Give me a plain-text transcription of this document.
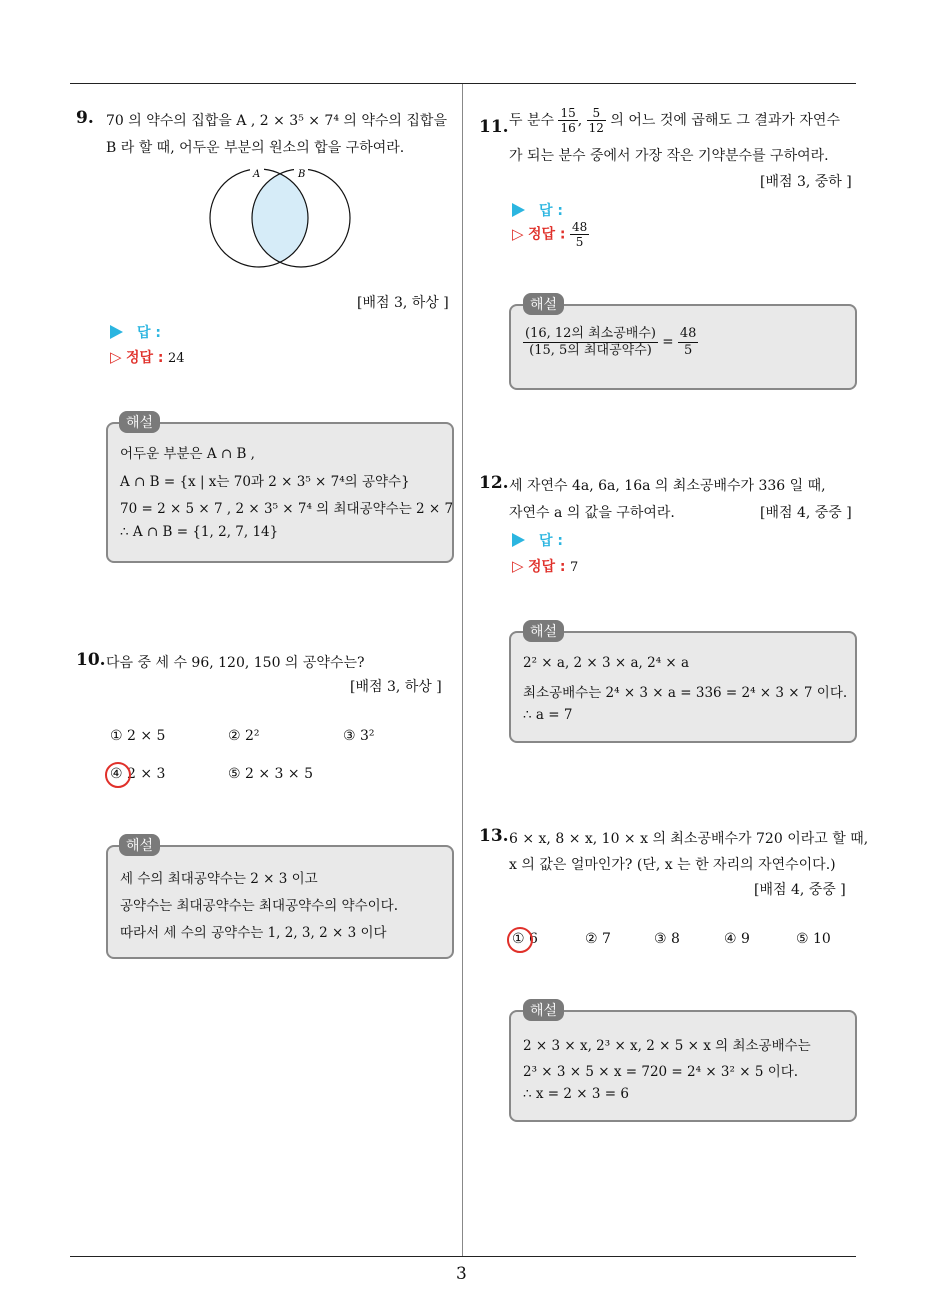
3
9. 70 의 약수의 집합을 A , 2 × 3⁵ × 7⁴ 의 약수의 집합을
B 라 할 때, 어두운 부분의 원소의 합을 구하여라.
A	B
[배점 3, 하상 ]
답 :
▷ 정답 : 24
어두운 부분은 A ∩ B ,
A ∩ B = {x | x는 70과 2 × 3⁵ × 7⁴의 공약수}
70 = 2 × 5 × 7 , 2 × 3⁵ × 7⁴ 의 최대공약수는 2 × 7
∴ A ∩ B = {1, 2, 7, 14}
해설
10. 다음 중 세 수 96, 120, 150 의 공약수는?
[배점 3, 하상 ]
① 2 × 5	② 2²	③ 3²
④ 2 × 3	⑤ 2 × 3 × 5
세 수의 최대공약수는 2 × 3 이고
공약수는 최대공약수는 최대공약수의 약수이다.
따라서 세 수의 공약수는 1, 2, 3, 2 × 3 이다
해설
11. 두 분수 $\frac{15}{16}$ , $\frac{5}{12}$ 의 어느 것에 곱해도 그 결과가 자연수
가 되는 분수 중에서 가장 작은 기약분수를 구하여라.
[배점 3, 중하 ]
답 :
▷ 정답 : $\frac{48}{5}$
$\frac{\text{(16, 12의 최소공배수)}}{\text{(15, 5의 최대공약수)}} = \frac{48}{5}$
해설
12. 세 자연수 4a, 6a, 16a 의 최소공배수가 336 일 때,
자연수 a 의 값을 구하여라.	[배점 4, 중중 ]
답 :
▷ 정답 : 7
2² × a, 2 × 3 × a, 2⁴ × a
최소공배수는 2⁴ × 3 × a = 336 = 2⁴ × 3 × 7 이다.
∴ a = 7
해설
13. 6 × x, 8 × x, 10 × x 의 최소공배수가 720 이라고 할 때,
x 의 값은 얼마인가? (단, x 는 한 자리의 자연수이다.)
[배점 4, 중중 ]
① 6	② 7	③ 8	④ 9	⑤ 10
2 × 3 × x, 2³ × x, 2 × 5 × x 의 최소공배수는
2³ × 3 × 5 × x = 720 = 2⁴ × 3² × 5 이다.
∴ x = 2 × 3 = 6
해설
